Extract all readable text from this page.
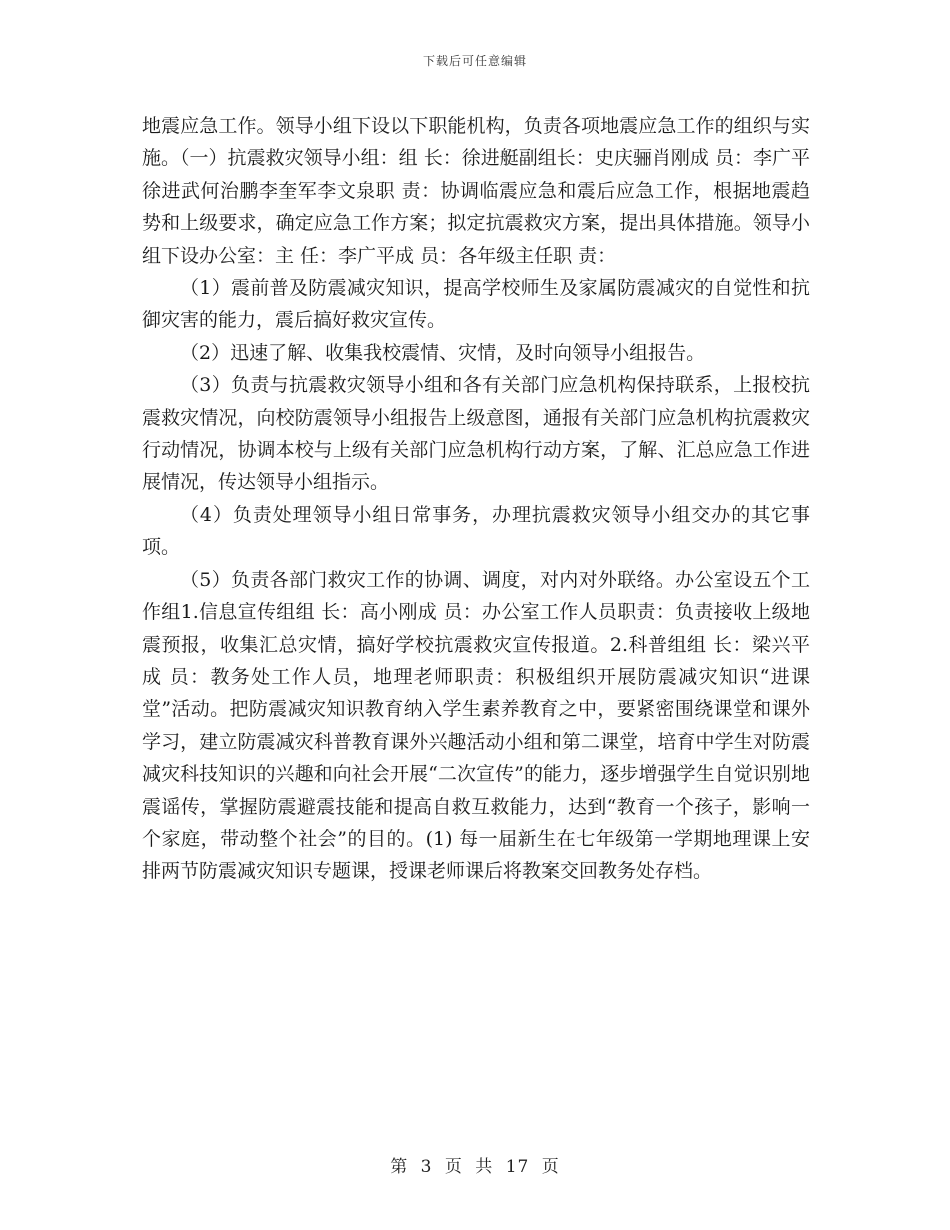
下载后可任意编辑

地震应急工作。领导小组下设以下职能机构，负责各项地震应急工作的组织与实施。（一）抗震救灾领导小组：组 长：徐进艇副组长：史庆骊肖刚成 员：李广平徐进武何治鹏李奎军李文泉职 责：协调临震应急和震后应急工作，根据地震趋势和上级要求，确定应急工作方案；拟定抗震救灾方案，提出具体措施。领导小组下设办公室：主 任：李广平成 员：各年级主任职 责：

（1）震前普及防震减灾知识，提高学校师生及家属防震减灾的自觉性和抗御灾害的能力，震后搞好救灾宣传。

（2）迅速了解、收集我校震情、灾情，及时向领导小组报告。

（3）负责与抗震救灾领导小组和各有关部门应急机构保持联系，上报校抗震救灾情况，向校防震领导小组报告上级意图，通报有关部门应急机构抗震救灾行动情况，协调本校与上级有关部门应急机构行动方案，了解、汇总应急工作进展情况，传达领导小组指示。

（4）负责处理领导小组日常事务，办理抗震救灾领导小组交办的其它事项。

（5）负责各部门救灾工作的协调、调度，对内对外联络。办公室设五个工作组1.信息宣传组组 长：高小刚成 员：办公室工作人员职责：负责接收上级地震预报，收集汇总灾情，搞好学校抗震救灾宣传报道。2.科普组组 长：梁兴平成 员：教务处工作人员，地理老师职责：积极组织开展防震减灾知识“进课堂”活动。把防震减灾知识教育纳入学生素养教育之中，要紧密围绕课堂和课外学习，建立防震减灾科普教育课外兴趣活动小组和第二课堂，培育中学生对防震减灾科技知识的兴趣和向社会开展“二次宣传”的能力，逐步增强学生自觉识别地震谣传，掌握防震避震技能和提高自救互救能力，达到“教育一个孩子，影响一个家庭，带动整个社会”的目的。(1) 每一届新生在七年级第一学期地理课上安排两节防震减灾知识专题课，授课老师课后将教案交回教务处存档。

第 3 页 共 17 页
